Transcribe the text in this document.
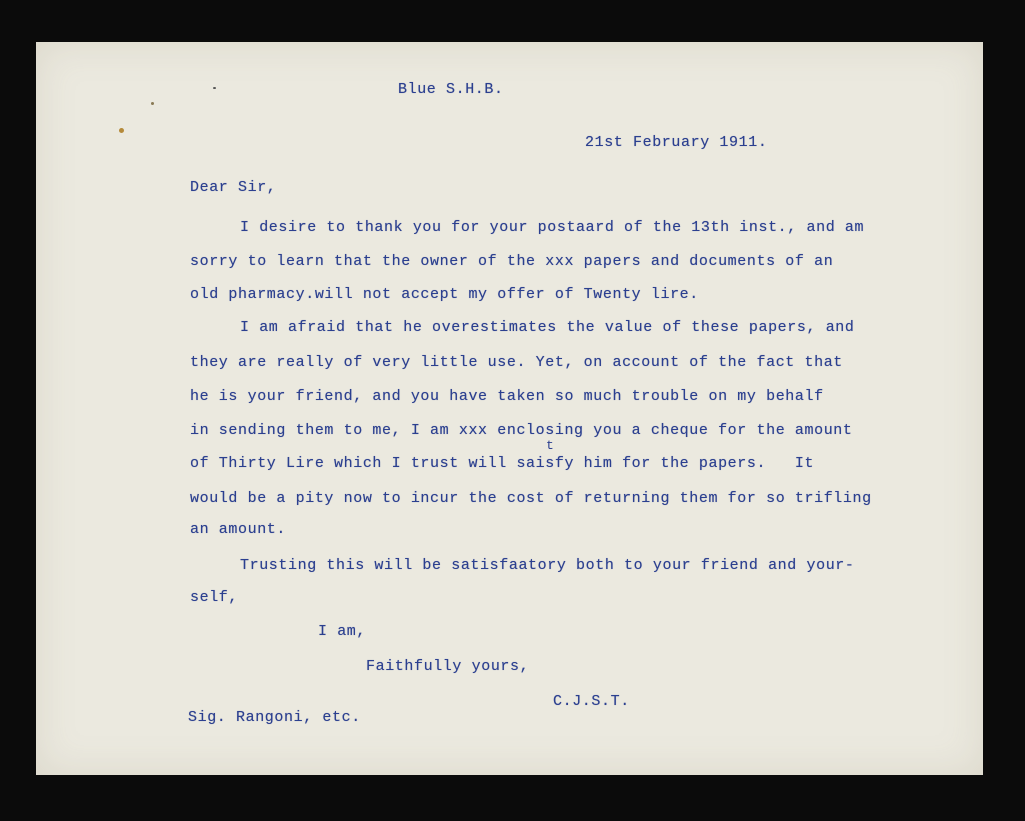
Blue S.H.B.
21st February 1911.
Dear Sir,
I desire to thank you for your postaard of the 13th inst., and am
sorry to learn that the owner of the xxx papers and documents of an
old pharmacy.will not accept my offer of Twenty lire.
I am afraid that he overestimates the value of these papers, and
they are really of very little use. Yet, on account of the fact that
he is your friend, and you have taken so much trouble on my behalf
in sending them to me, I am xxx enclosing you a cheque for the amount
t
of Thirty Lire which I trust will saisfy him for the papers.   It
would be a pity now to incur the cost of returning them for so trifling
an amount.
Trusting this will be satisfaatory both to your friend and your-
self,
I am,
Faithfully yours,
C.J.S.T.
Sig. Rangoni, etc.
